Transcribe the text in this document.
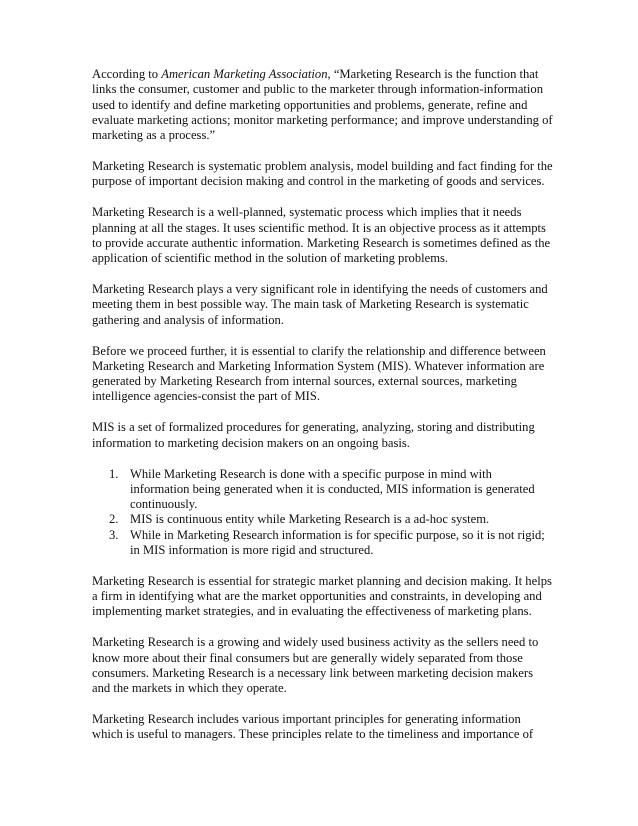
According to American Marketing Association, “Marketing Research is the function that links the consumer, customer and public to the marketer through information-information used to identify and define marketing opportunities and problems, generate, refine and evaluate marketing actions; monitor marketing performance; and improve understanding of marketing as a process.”

Marketing Research is systematic problem analysis, model building and fact finding for the purpose of important decision making and control in the marketing of goods and services.

Marketing Research is a well-planned, systematic process which implies that it needs planning at all the stages. It uses scientific method. It is an objective process as it attempts to provide accurate authentic information. Marketing Research is sometimes defined as the application of scientific method in the solution of marketing problems.

Marketing Research plays a very significant role in identifying the needs of customers and meeting them in best possible way. The main task of Marketing Research is systematic gathering and analysis of information.

Before we proceed further, it is essential to clarify the relationship and difference between Marketing Research and Marketing Information System (MIS). Whatever information are generated by Marketing Research from internal sources, external sources, marketing intelligence agencies-consist the part of MIS.

MIS is a set of formalized procedures for generating, analyzing, storing and distributing information to marketing decision makers on an ongoing basis.

1. While Marketing Research is done with a specific purpose in mind with information being generated when it is conducted, MIS information is generated continuously.
2. MIS is continuous entity while Marketing Research is a ad-hoc system.
3. While in Marketing Research information is for specific purpose, so it is not rigid; in MIS information is more rigid and structured.

Marketing Research is essential for strategic market planning and decision making. It helps a firm in identifying what are the market opportunities and constraints, in developing and implementing market strategies, and in evaluating the effectiveness of marketing plans.

Marketing Research is a growing and widely used business activity as the sellers need to know more about their final consumers but are generally widely separated from those consumers. Marketing Research is a necessary link between marketing decision makers and the markets in which they operate.

Marketing Research includes various important principles for generating information which is useful to managers. These principles relate to the timeliness and importance of
